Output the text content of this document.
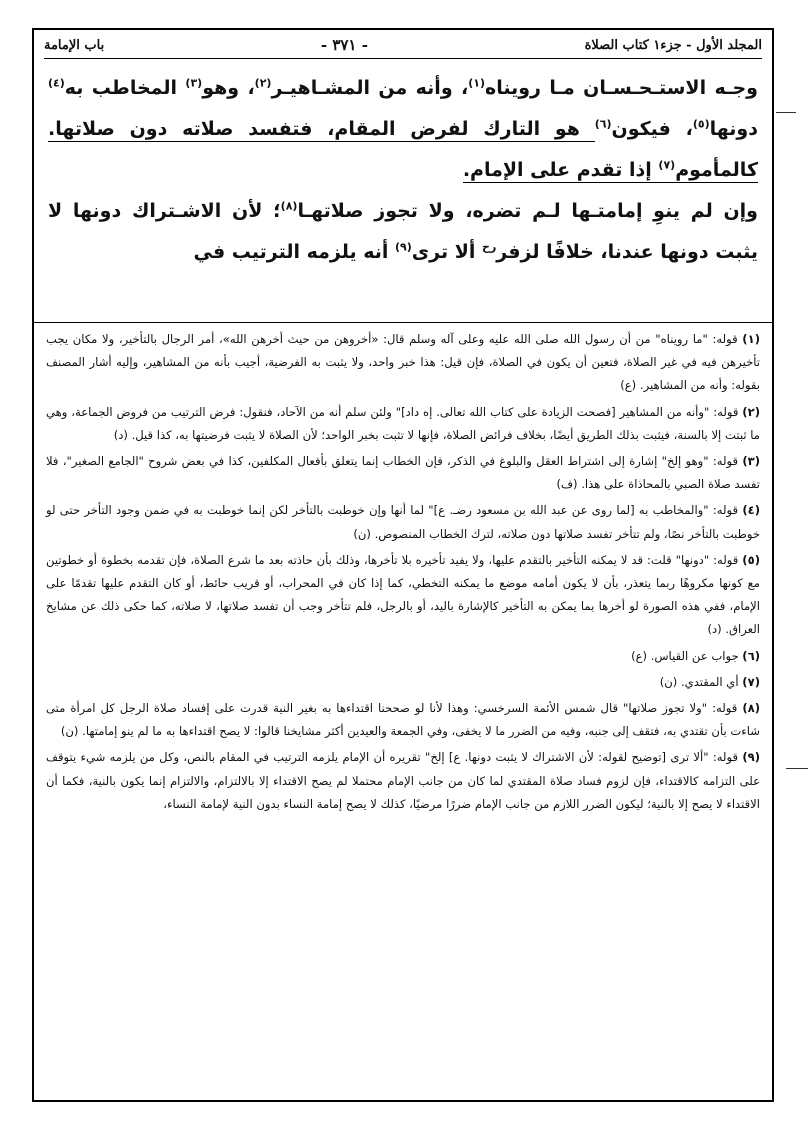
باب الإمامة	- ٣٧١ -	المجلد الأول - جزء١ كتاب الصلاة

وجـه الاستـحـسـان مـا رويناه$^{(١)}$، وأنه من المشـاهيـر$^{(٢)}$، وهو$^{(٣)}$ المخاطب به$^{(٤)}$ دونها$^{(٥)}$، فيكون$^{(٦)}$ هو التارك لفرض المقام، فتفسد صلاته دون صلاتها. كالمأموم$^{(٧)}$ إذا تقدم على الإمام.

وإن لم ينوِ إمامتـها لـم تضره، ولا تجوز صلاتهـا$^{(٨)}$؛ لأن الاشـتراك دونها لا يثبت دونها عندنا، خلافًا لزفر$^{رح}$ ألا ترى$^{(٩)}$ أنه يلزمه الترتيب في

(١) قوله: "ما رويناه" من أن رسول الله صلى الله عليه وعلى آله وسلم قال: «أخروهن من حيث أخرهن الله»، أمر الرجال بالتأخير، ولا مكان يجب تأخيرهن فيه في غير الصلاة، فتعين أن يكون في الصلاة، فإن قيل: هذا خبر واحد، ولا يثبت به الفرضية، أجيب بأنه من المشاهير، وإليه أشار المصنف بقوله: وأنه من المشاهير. (ع)

(٢) قوله: "وأنه من المشاهير [فصحت الزيادة على كتاب الله تعالى. إه داد]" ولئن سلم أنه من الآحاد، فنقول: فرض الترتيب من فروض الجماعة، وهي ما ثبتت إلا بالسنة، فيثبت بذلك الطريق أيضًا، بخلاف فرائض الصلاة، فإنها لا تثبت بخبر الواحد؛ لأن الصلاة لا يثبت فرضيتها به، كذا قيل. (د)

(٣) قوله: "وهو إلخ" إشارة إلى اشتراط العقل والبلوغ في الذكر، فإن الخطاب إنما يتعلق بأفعال المكلفين، كذا في بعض شروح "الجامع الصغير"، فلا تفسد صلاة الصبي بالمحاذاة على هذا. (ف)

(٤) قوله: "والمخاطب به [لما روى عن عبد الله بن مسعود رضـ. ع]" لما أنها وإن خوطبت بالتأخر لكن إنما خوطبت به في ضمن وجود التأخر حتى لو خوطبت بالتأخر نصًا، ولم تتأخر تفسد صلاتها دون صلاته، لترك الخطاب المنصوص. (ن)

(٥) قوله: "دونها" قلت: قد لا يمكنه التأخير بالتقدم عليها، ولا يفيد تأخيره بلا تأخرها، وذلك بأن حاذته بعد ما شرع الصلاة، فإن تقدمه بخطوة أو خطوتين مع كونها مكروهًا ربما يتعذر، بأن لا يكون أمامه موضع ما يمكنه التخطي، كما إذا كان في المحراب، أو قريب حائط، أو كان التقدم عليها تقدمًا على الإمام، ففي هذه الصورة لو أخرها بما يمكن به التأخير كالإشارة باليد، أو بالرجل، فلم تتأخر وجب أن تفسد صلاتها، لا صلاته، كما حكى ذلك عن مشايخ العراق. (د)

(٦) جواب عن القياس. (ع)

(٧) أي المقتدي. (ن)

(٨) قوله: "ولا تجوز صلاتها" قال شمس الأئمة السرخسي: وهذا لأنا لو صححنا اقتداءها به بغير النية قدرت على إفساد صلاة الرجل كل امرأة متى شاءت بأن تقتدي به، فتقف إلى جنبه، وفيه من الضرر ما لا يخفى، وفي الجمعة والعيدين أكثر مشايخنا قالوا: لا يصح اقتداءها به ما لم ينو إمامتها. (ن)

(٩) قوله: "ألا ترى [توضيح لقوله: لأن الاشتراك لا يثبت دونها. ع] إلخ" تقريره أن الإمام يلزمه الترتيب في المقام بالنص، وكل من يلزمه شيء يتوقف على التزامه كالاقتداء، فإن لزوم فساد صلاة المقتدي لما كان من جانب الإمام محتملا لم يصح الاقتداء إلا بالالتزام، والالتزام إنما يكون بالنية، فكما أن الاقتداء لا يصح إلا بالنية؛ ليكون الضرر اللازم من جانب الإمام ضررًا مرضيًا، كذلك لا يصح إمامة النساء بدون النية لإمامة النساء،
